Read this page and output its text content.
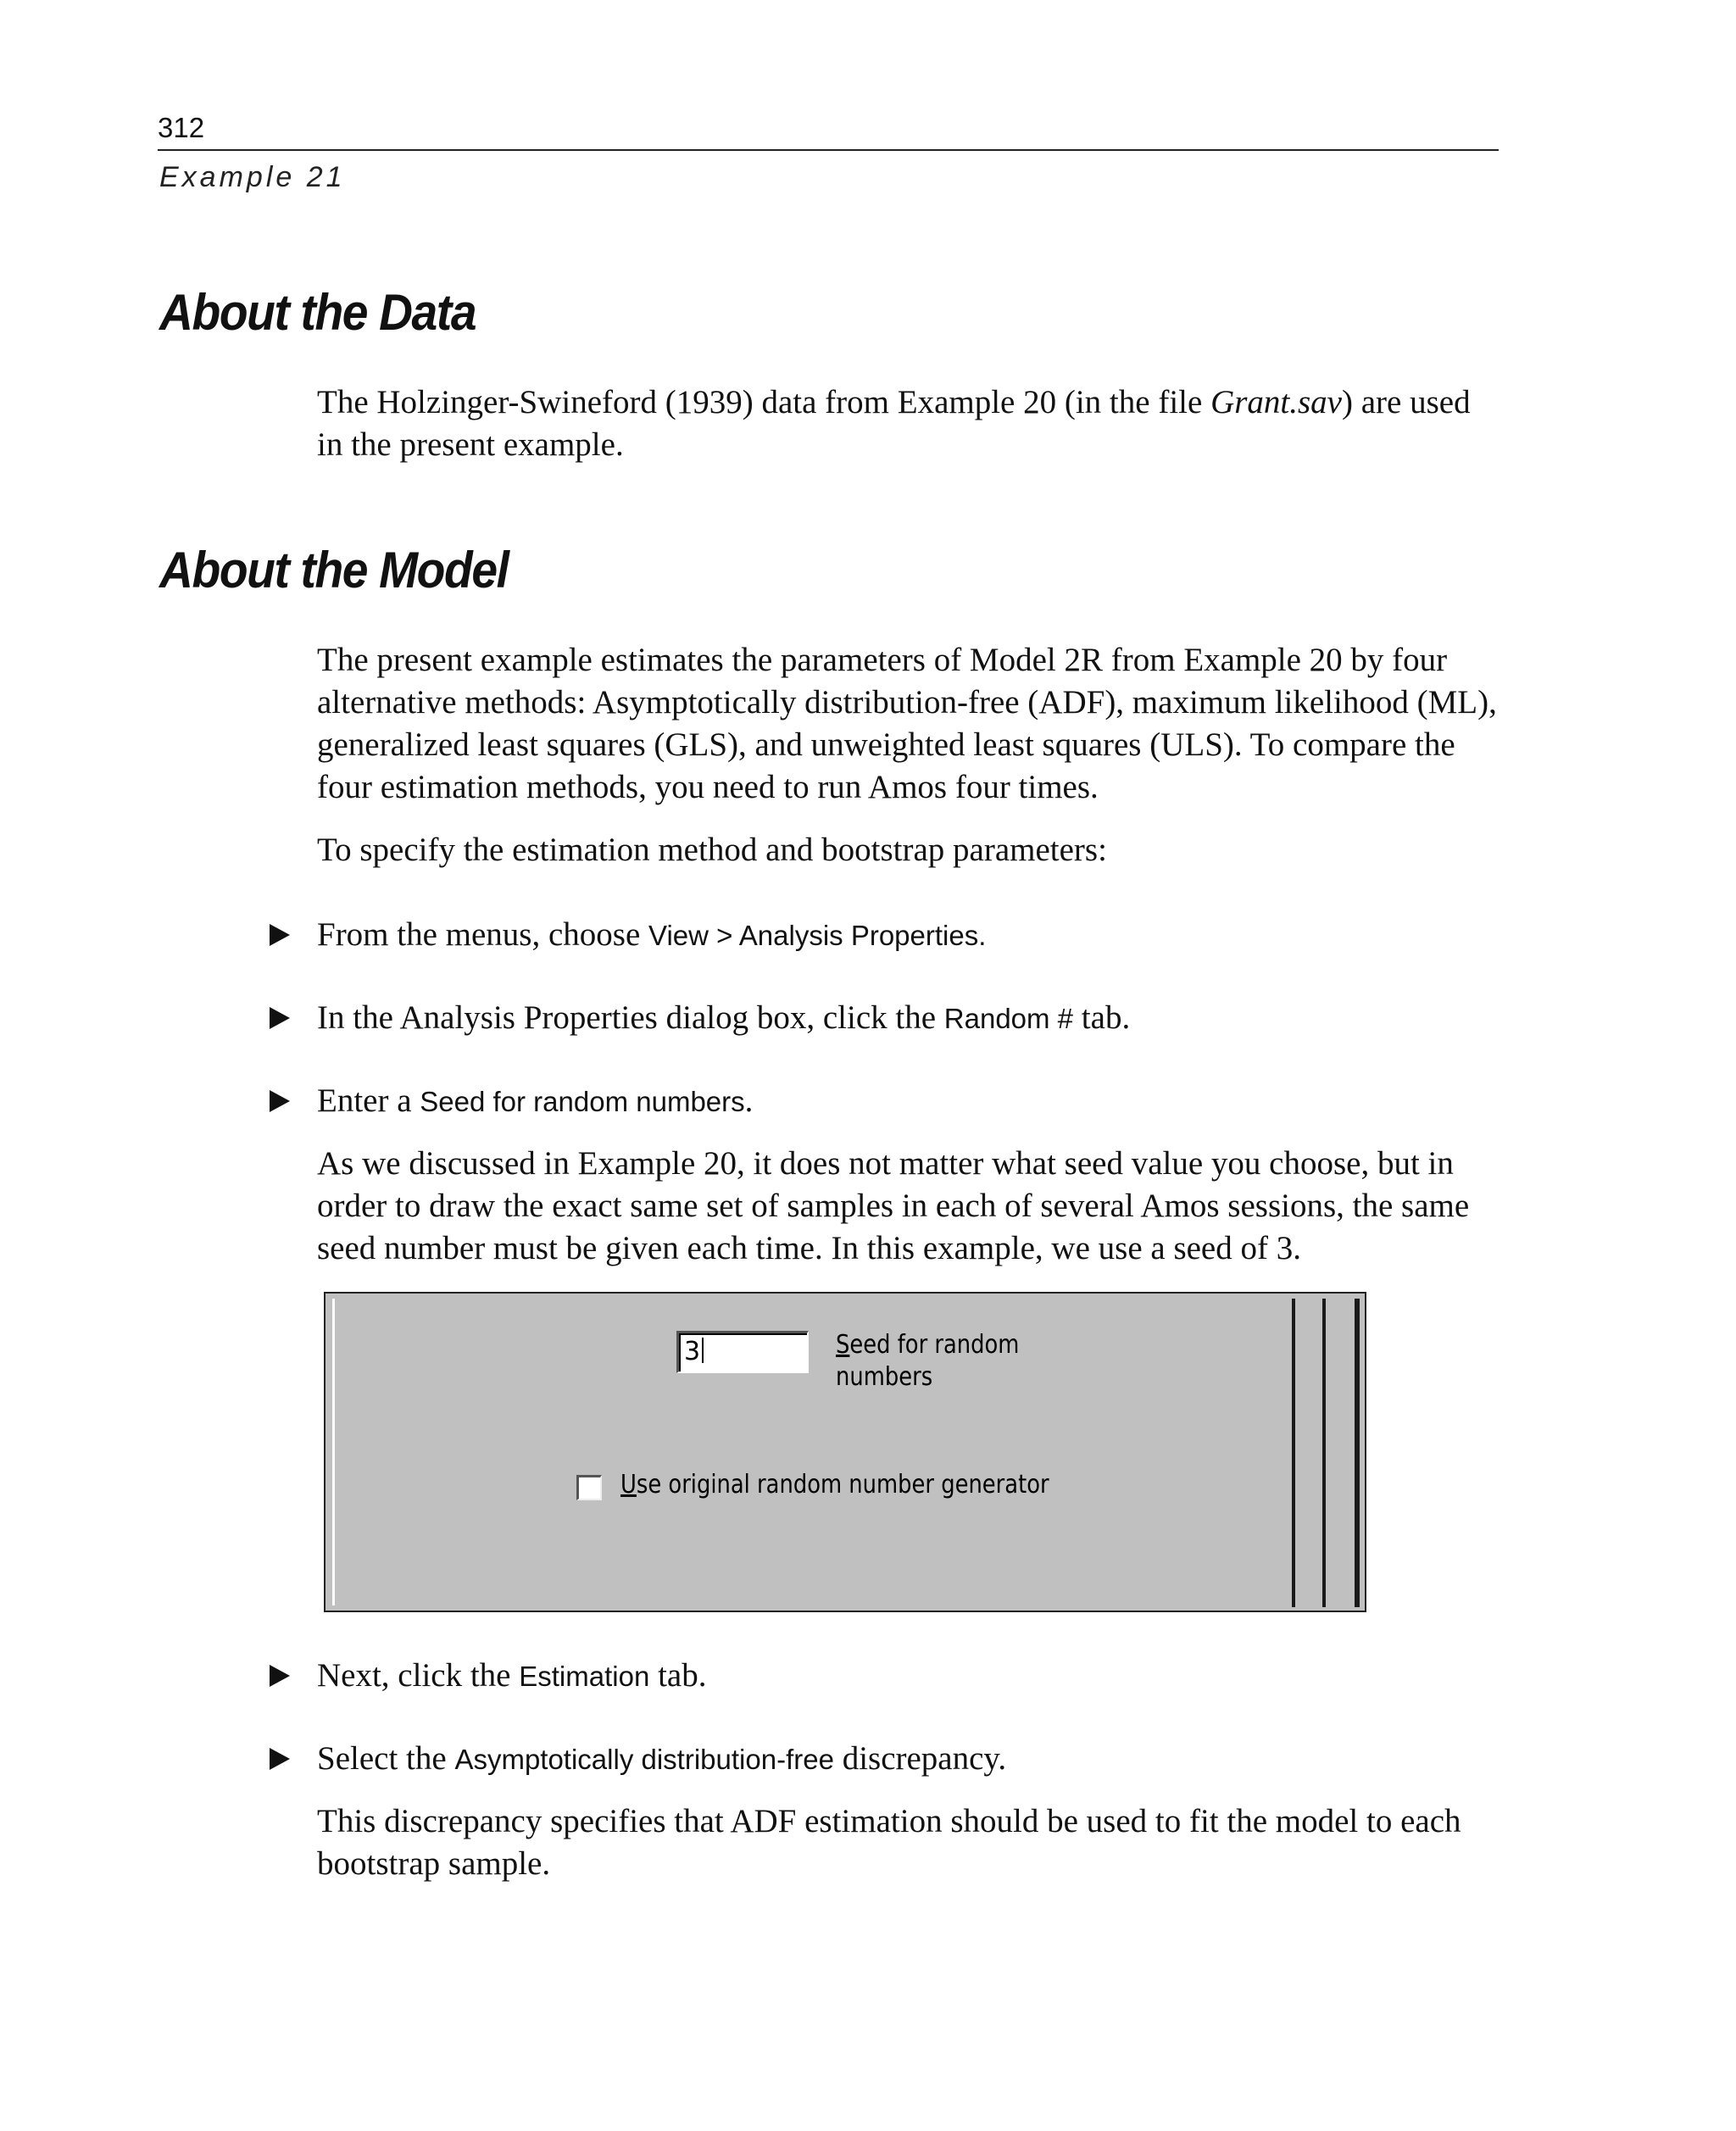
312
Example 21
About the Data

The Holzinger-Swineford (1939) data from Example 20 (in the file Grant.sav) are used in the present example.

About the Model

The present example estimates the parameters of Model 2R from Example 20 by four alternative methods: Asymptotically distribution-free (ADF), maximum likelihood (ML), generalized least squares (GLS), and unweighted least squares (ULS). To compare the four estimation methods, you need to run Amos four times.

To specify the estimation method and bootstrap parameters:

From the menus, choose View > Analysis Properties.
In the Analysis Properties dialog box, click the Random # tab.
Enter a Seed for random numbers.

As we discussed in Example 20, it does not matter what seed value you choose, but in order to draw the exact same set of samples in each of several Amos sessions, the same seed number must be given each time. In this example, we use a seed of 3.

3	Seed for random
numbers
Use original random number generator
Next, click the Estimation tab.
Select the Asymptotically distribution-free discrepancy.

This discrepancy specifies that ADF estimation should be used to fit the model to each bootstrap sample.
